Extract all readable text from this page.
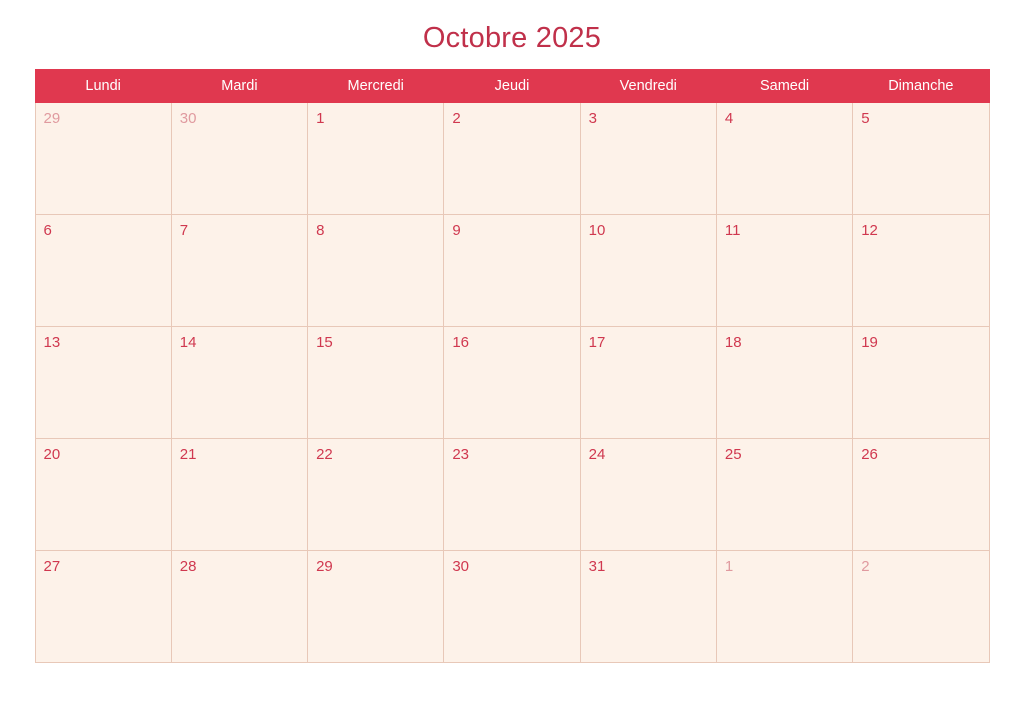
Octobre 2025
Lundi	Mardi	Mercredi	Jeudi	Vendredi	Samedi	Dimanche

29	30	1	2	3	4	5

6	7	8	9	10	11	12

13	14	15	16	17	18	19

20	21	22	23	24	25	26

27	28	29	30	31	1	2
